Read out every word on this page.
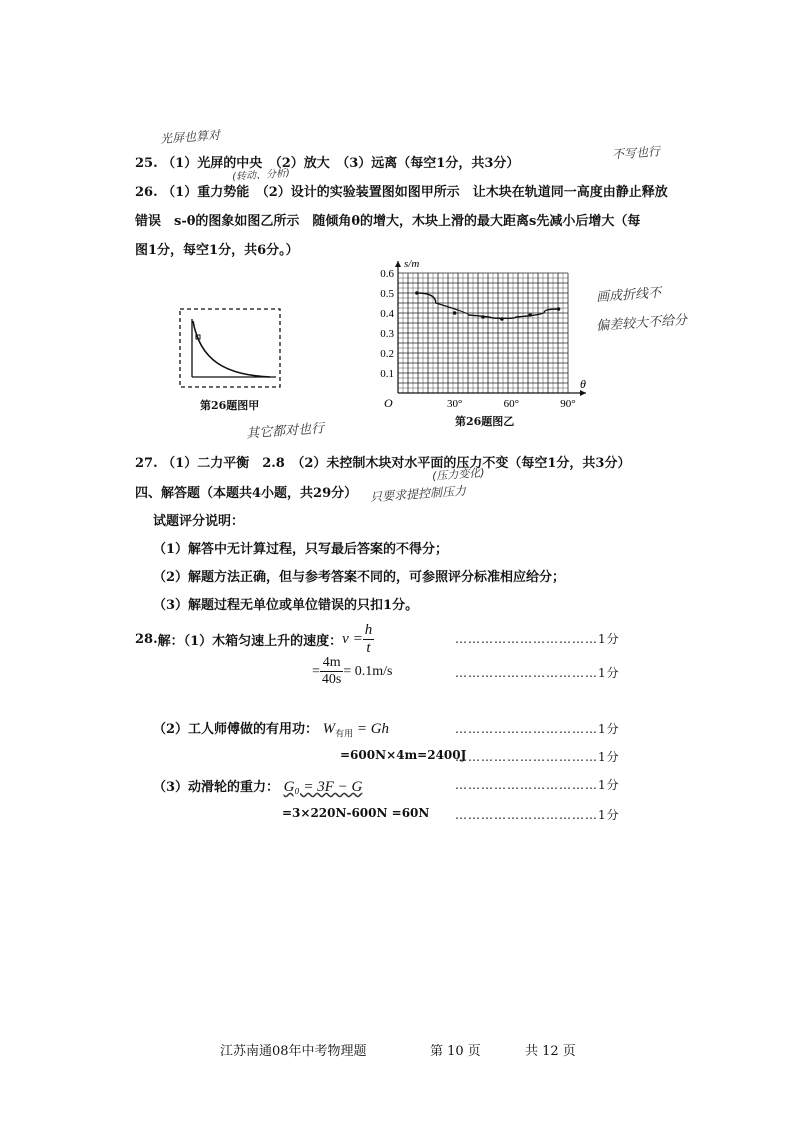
光屏也算对
(转动、分析)
不写也行
画成折线不
偏差较大不给分
其它都对也行
(压力变化)
只要求提控制压力
25. （1）光屏的中央　（2）放大　（3）远离（每空1分，共3分）
26. （1）重力势能　（2）设计的实验装置图如图甲所示　让木块在轨道同一高度由静止释放
错误　s-θ的图象如图乙所示　随倾角θ的增大，木块上滑的最大距离s先减小后增大（每
图1分，每空1分，共6分。）
第26题图甲
s/m
θ
O
0.1
0.2
0.3
0.4
0.5
0.6
30°	60°	90°
第26题图乙
27. （1）二力平衡　2.8　（2）未控制木块对水平面的压力不变（每空1分，共3分）
四、解答题（本题共4小题，共29分）
试题评分说明：
（1）解答中无计算过程，只写最后答案的不得分；
（2）解题方法正确，但与参考答案不同的，可参照评分标准相应给分；
（3）解题过程无单位或单位错误的只扣1分。
28. 解：（1）木箱匀速上升的速度： $v = \frac{h}{t}$	……………………………1分
= $\frac{4m}{40s} = 0.1m/s$	……………………………1分
（2）工人师傅做的有用功： $W_{有用} = Gh$	……………………………1分
=600N×4m=2400J
……………………………1分
（3）动滑轮的重力： G₀ = 3F − G	……………………………1分
=3×220N-600N =60N ……………………………1分
江苏南通08年中考物理题	第 10 页	共 12 页
